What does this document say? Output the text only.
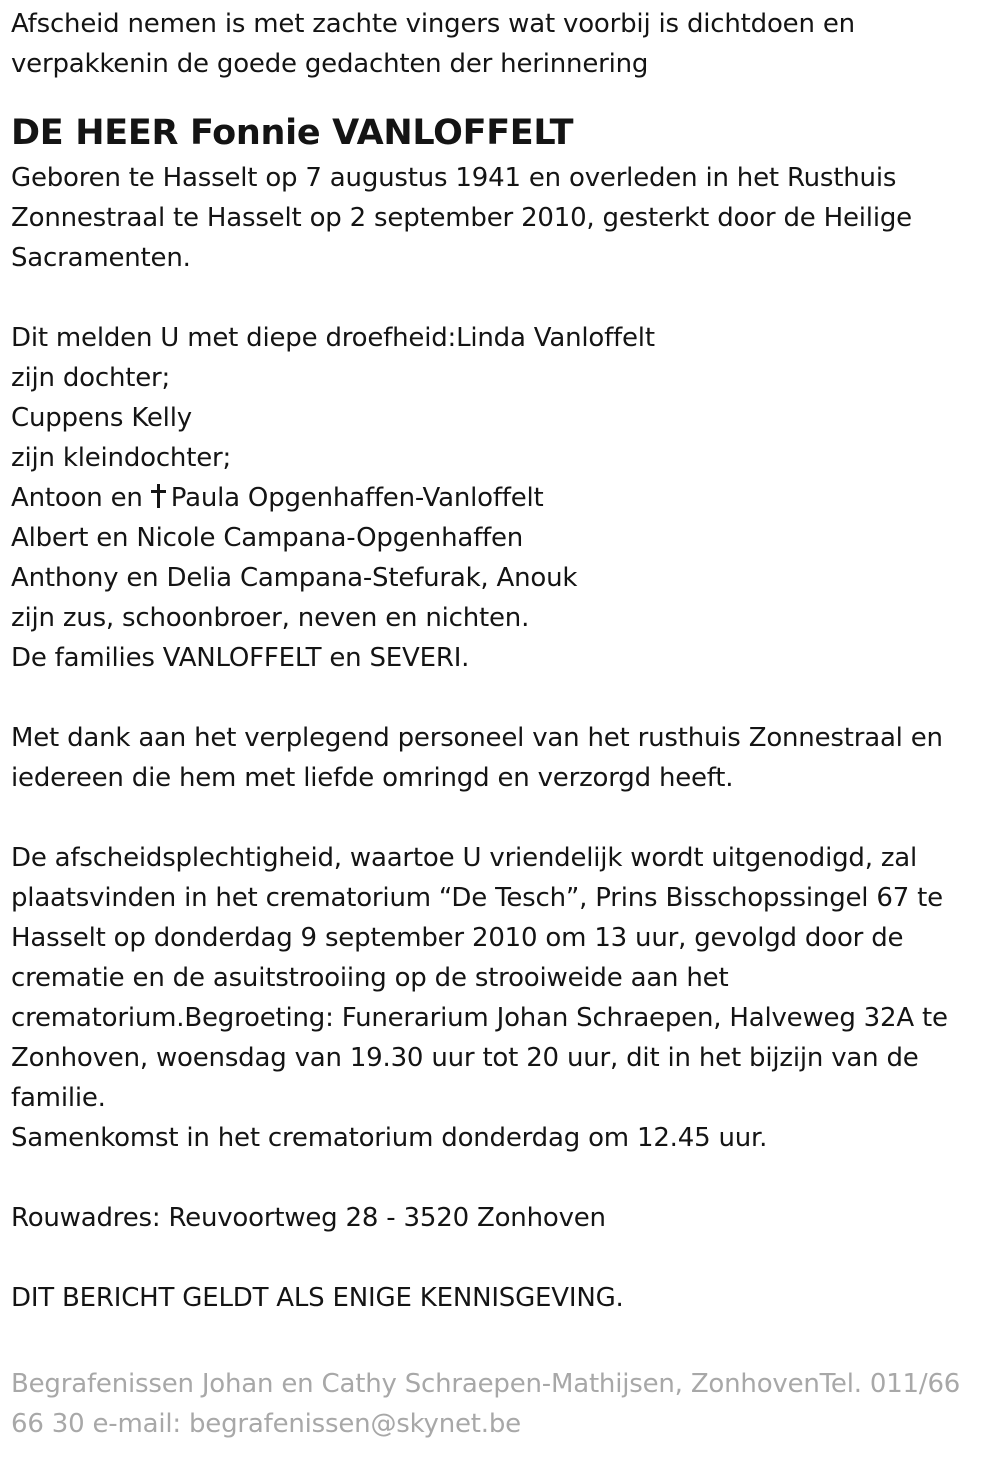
Afscheid nemen is met zachte vingers wat voorbij is dichtdoen en
verpakkenin de goede gedachten der herinnering
DE HEER Fonnie VANLOFFELT
Geboren te Hasselt op 7 augustus 1941 en overleden in het Rusthuis
Zonnestraal te Hasselt op 2 september 2010, gesterkt door de Heilige
Sacramenten.
Dit melden U met diepe droefheid:Linda Vanloffelt
zijn dochter;
Cuppens Kelly
zijn kleindochter;
Antoon en Paula Opgenhaffen-Vanloffelt
Albert en Nicole Campana-Opgenhaffen
Anthony en Delia Campana-Stefurak, Anouk
zijn zus, schoonbroer, neven en nichten.
De families VANLOFFELT en SEVERI.
Met dank aan het verplegend personeel van het rusthuis Zonnestraal en
iedereen die hem met liefde omringd en verzorgd heeft.
De afscheidsplechtigheid, waartoe U vriendelijk wordt uitgenodigd, zal
plaatsvinden in het crematorium “De Tesch”, Prins Bisschopssingel 67 te
Hasselt op donderdag 9 september 2010 om 13 uur, gevolgd door de
crematie en de asuitstrooiing op de strooiweide aan het
crematorium.Begroeting: Funerarium Johan Schraepen, Halveweg 32A te
Zonhoven, woensdag van 19.30 uur tot 20 uur, dit in het bijzijn van de
familie.
Samenkomst in het crematorium donderdag om 12.45 uur.
Rouwadres: Reuvoortweg 28 - 3520 Zonhoven
DIT BERICHT GELDT ALS ENIGE KENNISGEVING.
Begrafenissen Johan en Cathy Schraepen-Mathijsen, ZonhovenTel. 011/66
66 30 e-mail: begrafenissen@skynet.be
